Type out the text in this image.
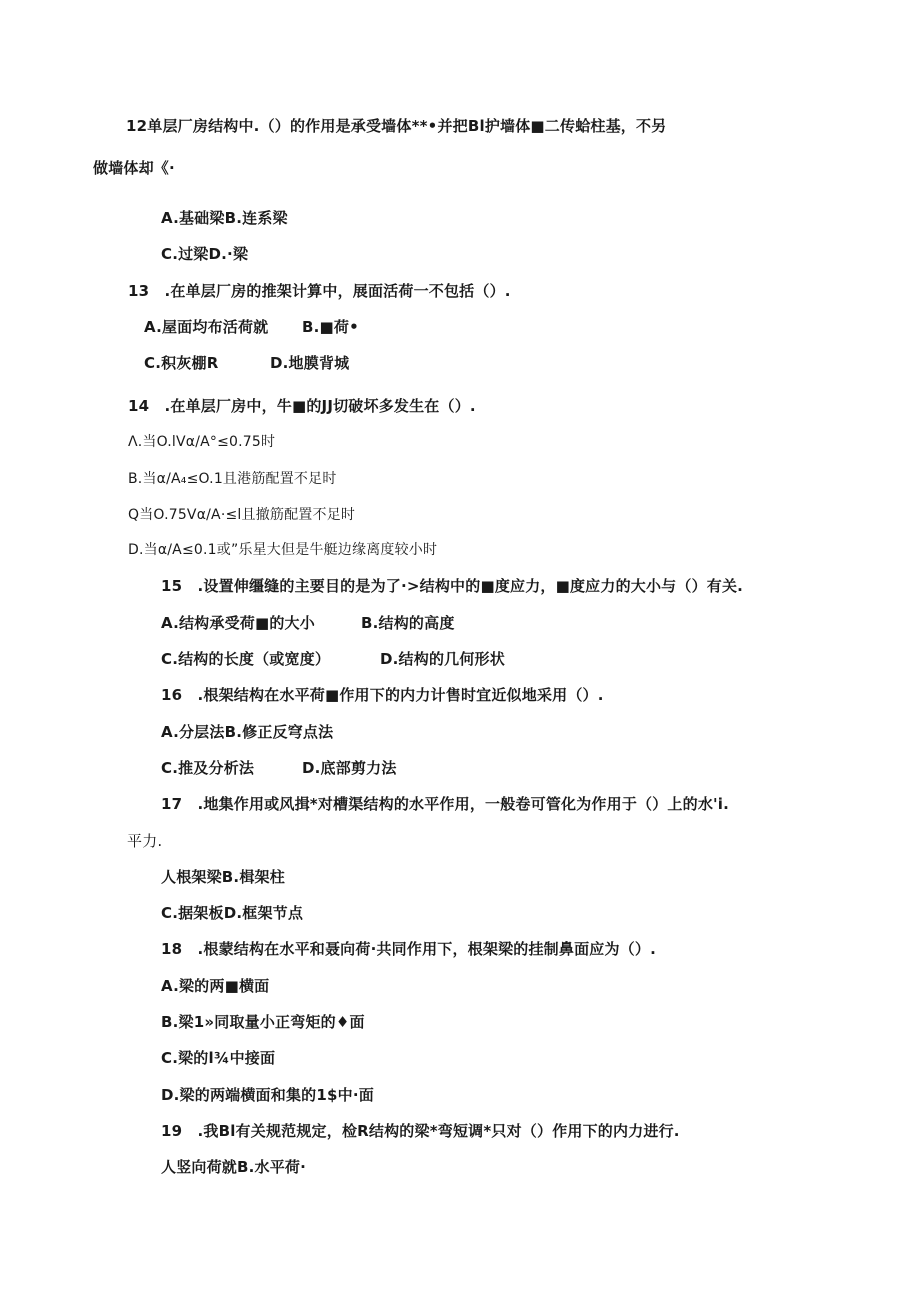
12单层厂房结构中.（）的作用是承受墙体**•并把Bl护墙体■二传蛤柱基，不另
做墙体却《·
A.基础梁B.连系梁
C.过梁D.·梁
13　.在单层厂房的推架计算中，展面活荷一不包括（）.
A.屋面均布活荷就 B.■荷•
C.积灰棚R	D.地膜背城
14　.在单层厂房中，牛■的JJ切破坏多发生在（）.
Λ.当O.lVα/A°≤0.75时
B.当α/A₄≤O.1且港筋配置不足时
Q当O.75Vα/A·≤l且撤筋配置不足时
D.当α/A≤0.1或”乐星大但是牛艇边缘离度较小时
15　.设置伸缰缝的主要目的是为了·>结构中的■度应力，■度应力的大小与（）有关.
A.结构承受荷■的大小	B.结构的高度
C.结构的长度（或宽度）	D.结构的几何形状
16　.根架结构在水平荷■作用下的内力计售时宜近似地采用（）.
A.分层法B.修正反穹点法
C.推及分析法	D.底部剪力法
17　.地集作用或风揖*对槽渠结构的水平作用，一般卷可管化为作用于（）上的水'i.
平力.
人根架梁B.楫架柱
C.据架板D.框架节点
18　.根蒙结构在水平和聂向荷·共同作用下，根架梁的挂制鼻面应为（）.
A.梁的两■横面
B.梁1»同取量小正弯矩的♦面
C.梁的l¾中接面
D.梁的两端横面和集的1$中·面
19　.我Bl有关规范规定，检R结构的梁*弯短调*只对（）作用下的内力进行.
人竖向荷就B.水平荷·
